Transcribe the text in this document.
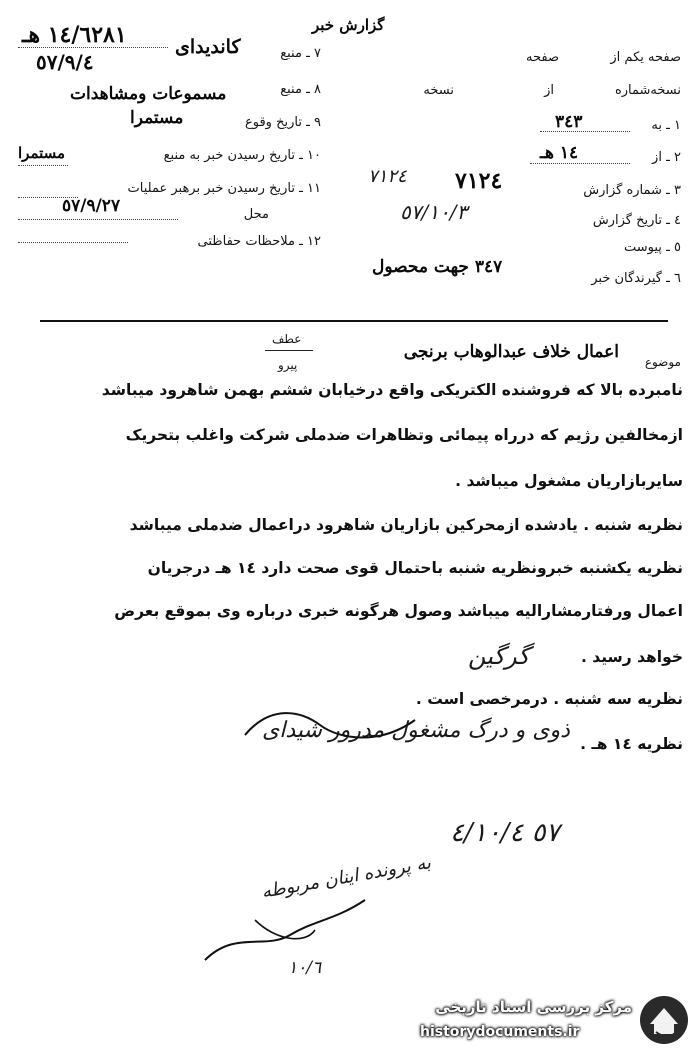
گزارش خبر
١٤/٦٢٨١ هـ
٥٧/٩/٤	٧ ـ منبع
کاندیدای
٨ ـ منبع
مسموعات ومشاهدات
٩ ـ تاریخ وقوع
مستمرا
١٠ ـ تاریخ رسیدن خبر به منبع
مستمرا
١١ ـ تاریخ رسیدن خبر برهبر عملیات
محل
٥٧/٩/٢٧
١٢ ـ ملاحظات حفاظتی
صفحه یکم از
صفحه
نسخه‌شماره
از
نسخه
١ ـ به
٣٤٣
٢ ـ از
١٤ هـ
٣ ـ شماره گزارش
٧١٢٤
٧١٢٤
٤ ـ تاریخ گزارش
٥٧/١٠/٣
٥ ـ پیوست
٦ ـ گیرندگان خبر
٣٤٧ جهت محصول
موضوع
اعمال خلاف عبدالوهاب برنجی
عطف
پیرو
نامبرده بالا که فروشنده الکتریکی واقع درخیابان ششم بهمن شاهرود میباشد
ازمخالفین رژیم که درراه پیمائی وتظاهرات ضدملی شرکت واغلب بتحریک
سایربازاریان مشغول میباشد .
نظریه شنبه . یادشده ازمحرکین بازاریان شاهرود دراعمال ضدملی میباشد
نظریه یکشنبه خبرونظریه شنبه باحتمال قوی صحت دارد ١٤ هـ درجریان
اعمال ورفتارمشارالیه میباشد وصول هرگونه خبری درباره وی بموقع بعرض
خواهد رسید .
گرگین
نظریه سه شنبه . درمرخصی است .
نظریه ١٤ هـ .
ذوی و درگ مشغول مدرور شیدای
٥٧ ٤/١٠/٤
به پرونده اینان مربوطه
١٠/٦
مرکز بررسی اسناد تاریخی
historydocuments.ir
